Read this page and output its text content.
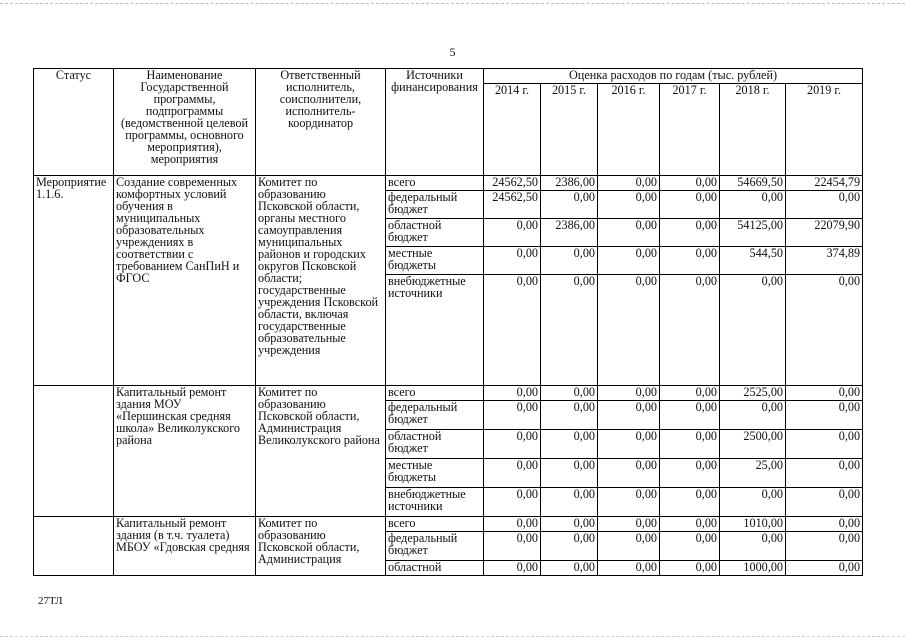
5
Статус	Наименование Государственной программы, подпрограммы (ведомственной целевой программы, основного мероприятия), мероприятия	Ответственный исполнитель, соисполнители, исполнитель-координатор	Источники финансирования	Оценка расходов по годам (тыс. рублей)					
				2014 г.	2015 г.	2016 г.	2017 г.	2018 г.	2019 г.
Мероприятие 1.1.6.	Создание современных комфортных условий обучения в муниципальных образовательных учреждениях в соответствии с требованием СанПиН и ФГОС	Комитет по образованию Псковской области, органы местного самоуправления муниципальных районов и городских округов Псковской области; государственные учреждения Псковской области, включая государственные образовательные учреждения	всего	24562,50	2386,00	0,00	0,00	54669,50	22454,79
			федеральный бюджет	24562,50	0,00	0,00	0,00	0,00	0,00
			областной бюджет	0,00	2386,00	0,00	0,00	54125,00	22079,90
			местные бюджеты	0,00	0,00	0,00	0,00	544,50	374,89
			внебюджетные источники	0,00	0,00	0,00	0,00	0,00	0,00
	Капитальный ремонт здания МОУ «Першинская средняя школа» Великолукского района	Комитет по образованию Псковской области, Администрация Великолукского района	всего	0,00	0,00	0,00	0,00	2525,00	0,00
			федеральный бюджет	0,00	0,00	0,00	0,00	0,00	0,00
			областной бюджет	0,00	0,00	0,00	0,00	2500,00	0,00
			местные бюджеты	0,00	0,00	0,00	0,00	25,00	0,00
			внебюджетные источники	0,00	0,00	0,00	0,00	0,00	0,00
	Капитальный ремонт здания (в т.ч. туалета) МБОУ «Гдовская средняя	Комитет по образованию Псковской области, Администрация	всего	0,00	0,00	0,00	0,00	1010,00	0,00
			федеральный бюджет	0,00	0,00	0,00	0,00	0,00	0,00
			областной	0,00	0,00	0,00	0,00	1000,00	0,00
27ТЛ
